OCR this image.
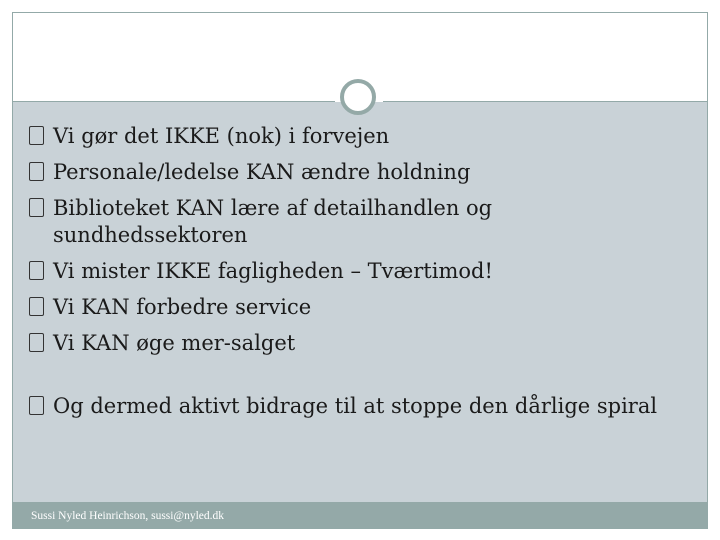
Vi gør det IKKE (nok) i forvejen
Personale/ledelse KAN ændre holdning
Biblioteket KAN lære af detailhandlen og sundhedssektoren
Vi mister IKKE fagligheden – Tværtimod!
Vi KAN forbedre service
Vi KAN øge mer-salget
Og dermed aktivt bidrage til at stoppe den dårlige spiral
Sussi Nyled Heinrichson, sussi@nyled.dk
